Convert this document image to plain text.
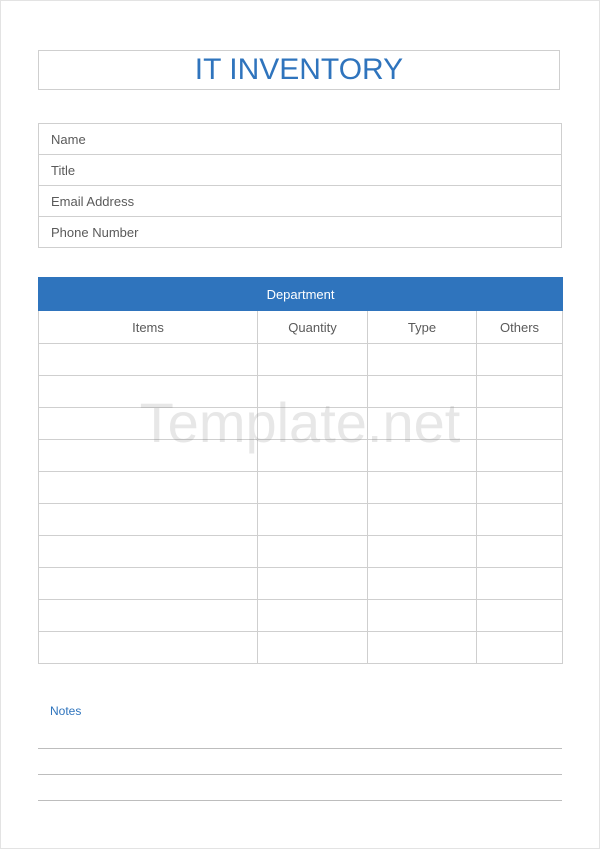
IT INVENTORY
Name
Title
Email Address
Phone Number
Department			
Items	Quantity	Type	Others

Template.net
Notes
